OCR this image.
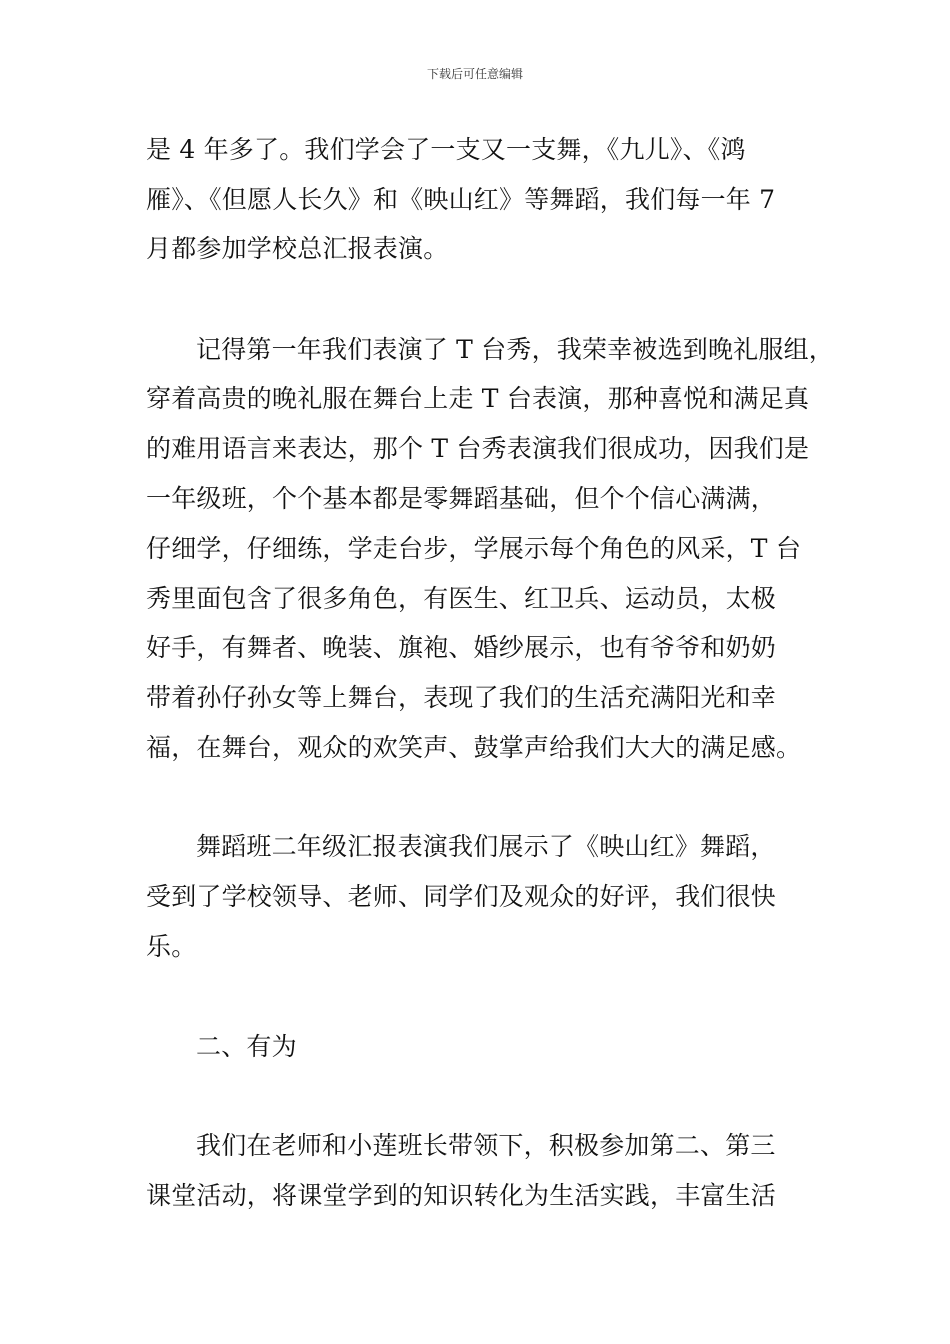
下载后可任意编辑
是 4 年多了。我们学会了一支又一支舞，《九儿》、《鸿
雁》、《但愿人长久》和《映山红》等舞蹈，我们每一年 7
月都参加学校总汇报表演。
记得第一年我们表演了 T 台秀，我荣幸被选到晚礼服组，
穿着高贵的晚礼服在舞台上走 T 台表演，那种喜悦和满足真
的难用语言来表达，那个 T 台秀表演我们很成功，因我们是
一年级班，个个基本都是零舞蹈基础，但个个信心满满，
仔细学，仔细练，学走台步，学展示每个角色的风采，T 台
秀里面包含了很多角色，有医生、红卫兵、运动员，太极
好手，有舞者、晚装、旗袍、婚纱展示，也有爷爷和奶奶
带着孙仔孙女等上舞台，表现了我们的生活充满阳光和幸
福，在舞台，观众的欢笑声、鼓掌声给我们大大的满足感。
舞蹈班二年级汇报表演我们展示了《映山红》舞蹈，
受到了学校领导、老师、同学们及观众的好评，我们很快
乐。
二、有为
我们在老师和小莲班长带领下，积极参加第二、第三
课堂活动，将课堂学到的知识转化为生活实践，丰富生活
